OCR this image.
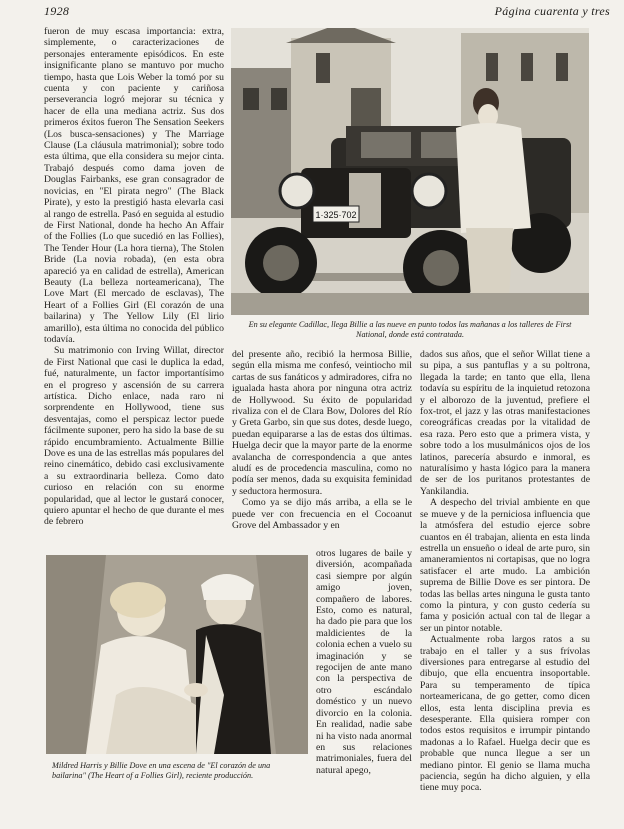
1928	Página cuarenta y tres

fueron de muy escasa importancia: extra, simplemente, o caracterizaciones de personajes enteramente episódicos. En este insignificante plano se mantuvo por mucho tiempo, hasta que Lois Weber la tomó por su cuenta y con paciente y cariñosa perseverancia logró mejorar su técnica y hacer de ella una mediana actriz. Sus dos primeros éxitos fueron The Sensation Seekers (Los busca-sensaciones) y The Marriage Clause (La cláusula matrimonial); sobre todo esta última, que ella considera su mejor cinta. Trabajó después como dama joven de Douglas Fairbanks, ese gran consagrador de novicias, en "El pirata negro" (The Black Pirate), y esto la prestigió hasta elevarla casi al rango de estrella. Pasó en seguida al estudio de First National, donde ha hecho An Affair of the Follies (Lo que sucedió en las Follies), The Tender Hour (La hora tierna), The Stolen Bride (La novia robada), (en esta obra apareció ya en calidad de estrella), American Beauty (La belleza norteamericana), The Love Mart (El mercado de esclavas), The Heart of a Follies Girl (El corazón de una bailarina) y The Yellow Lily (El lirio amarillo), esta última no conocida del público todavía.

Su matrimonio con Irving Willat, director de First National que casi le duplica la edad, fué, naturalmente, un factor importantísimo en el progreso y ascensión de su carrera artística. Dicho enlace, nada raro ni sorprendente en Hollywood, tiene sus desventajas, como el perspicaz lector puede fácilmente suponer, pero ha sido la base de su rápido encumbramiento. Actualmente Billie Dove es una de las estrellas más populares del reino cinemático, debido casi exclusivamente a su extraordinaria belleza. Como dato curioso en relación con su enorme popularidad, que al lector le gustará conocer, quiero apuntar el hecho de que durante el mes de febrero

1·325·702
En su elegante Cadillac, llega Billie a las nueve en punto todos las mañanas a los talleres de First National, donde está contratada.

del presente año, recibió la hermosa Billie, según ella misma me confesó, veintiocho mil cartas de sus fanáticos y admiradores, cifra no igualada hasta ahora por ninguna otra actriz de Hollywood. Su éxito de popularidad rivaliza con el de Clara Bow, Dolores del Río y Greta Garbo, sin que sus dotes, desde luego, puedan equipararse a las de estas dos últimas. Huelga decir que la mayor parte de la enorme avalancha de correspondencia a que antes aludí es de procedencia masculina, como no podía ser menos, dada su exquisita feminidad y seductora hermosura.

Como ya se dijo más arriba, a ella se le puede ver con frecuencia en el Cocoanut Grove del Ambassador y en

otros lugares de baile y diversión, acompañada casi siempre por algún amigo joven, compañero de labores. Esto, como es natural, ha dado pie para que los maldicientes de la colonia echen a vuelo su imaginación y se regocijen de ante mano con la perspectiva de otro escándalo doméstico y un nuevo divorcio en la colonia. En realidad, nadie sabe ni ha visto nada anormal en sus relaciones matrimoniales, fuera del natural apego,

Mildred Harris y Billie Dove en una escena de "El corazón de una bailarina" (The Heart of a Follies Girl), reciente producción.

dados sus años, que el señor Willat tiene a su pipa, a sus pantuflas y a su poltrona, llegada la tarde; en tanto que ella, llena todavía su espíritu de la inquietud retozona y el alborozo de la juventud, prefiere el fox-trot, el jazz y las otras manifestaciones coreográficas creadas por la vitalidad de esa raza. Pero esto que a primera vista, y sobre todo a los musulmánicos ojos de los latinos, parecería absurdo e inmoral, es naturalísimo y hasta lógico para la manera de ser de los puritanos protestantes de Yankilandia.

A despecho del trivial ambiente en que se mueve y de la perniciosa influencia que la atmósfera del estudio ejerce sobre cuantos en él trabajan, alienta en esta linda estrella un ensueño o ideal de arte puro, sin amaneramientos ni cortapisas, que no logra satisfacer el arte mudo. La ambición suprema de Billie Dove es ser pintora. De todas las bellas artes ninguna le gusta tanto como la pintura, y con gusto cedería su fama y posición actual con tal de llegar a ser un pintor notable.

Actualmente roba largos ratos a su trabajo en el taller y a sus frívolas diversiones para entregarse al estudio del dibujo, que ella encuentra insoportable. Para su temperamento de típica norteamericana, de go getter, como dicen ellos, esta lenta disciplina previa es desesperante. Ella quisiera romper con todos estos requisitos e irrumpir pintando madonas a lo Rafael. Huelga decir que es probable que nunca llegue a ser un mediano pintor. El genio se llama mucha paciencia, según ha dicho alguien, y ella tiene muy poca.
